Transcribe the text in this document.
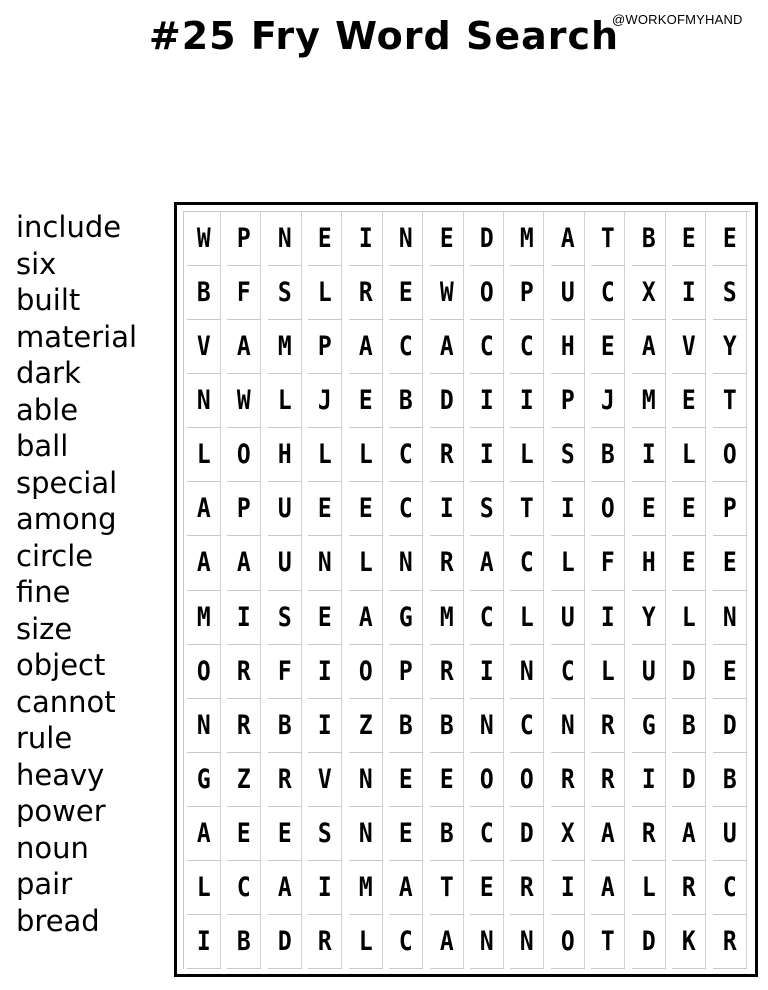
#25 Fry Word Search
@WORKOFMYHAND
include
six
built
material
dark
able
ball
special
among
circle
fine
size
object
cannot
rule
heavy
power
noun
pair
bread
W P N E I N E D M A T B E E
B F S L R E W O P U C X I S
V A M P A C A C C H E A V Y
N W L J E B D I I P J M E T
L O H L L C R I L S B I L O
A P U E E C I S T I O E E P
A A U N L N R A C L F H E E
M I S E A G M C L U I Y L N
O R F I O P R I N C L U D E
N R B I Z B B N C N R G B D
G Z R V N E E O O R R I D B
A E E S N E B C D X A R A U
L C A I M A T E R I A L R C
I B D R L C A N N O T D K R
